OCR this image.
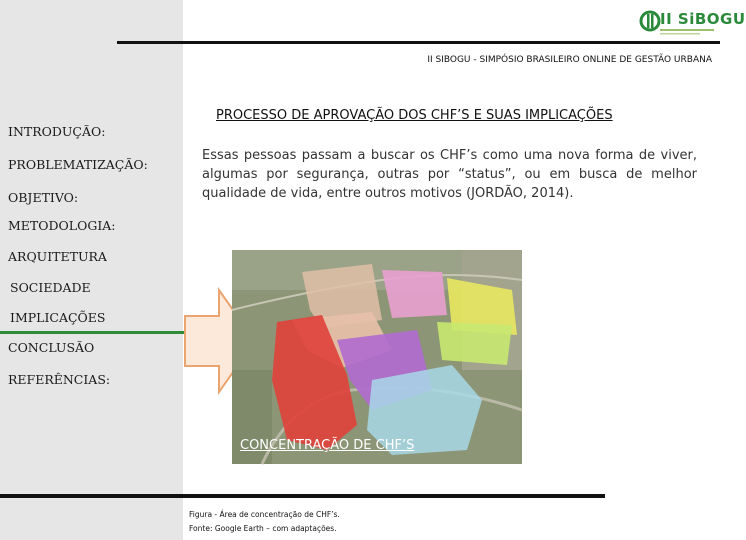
INTRODUÇÃO:
PROBLEMATIZAÇÃO:
OBJETIVO:
METODOLOGIA:
ARQUITETURA
SOCIEDADE
IMPLICAÇÕES
CONCLUSÃO
REFERÊNCIAS:
II SiBOGU
II SIBOGU - SIMPÓSIO BRASILEIRO ONLINE DE GESTÃO URBANA
PROCESSO DE APROVAÇÃO DOS CHF’S E SUAS IMPLICAÇÕES
Essas pessoas passam a buscar os CHF’s como uma nova forma de viver, algumas por segurança, outras por “status”, ou em busca de melhor qualidade de vida, entre outros motivos (JORDÃO, 2014).
CONCENTRAÇÃO DE CHF’S
Figura - Área de concentração de CHF’s.
Fonte: Google Earth – com adaptações.
